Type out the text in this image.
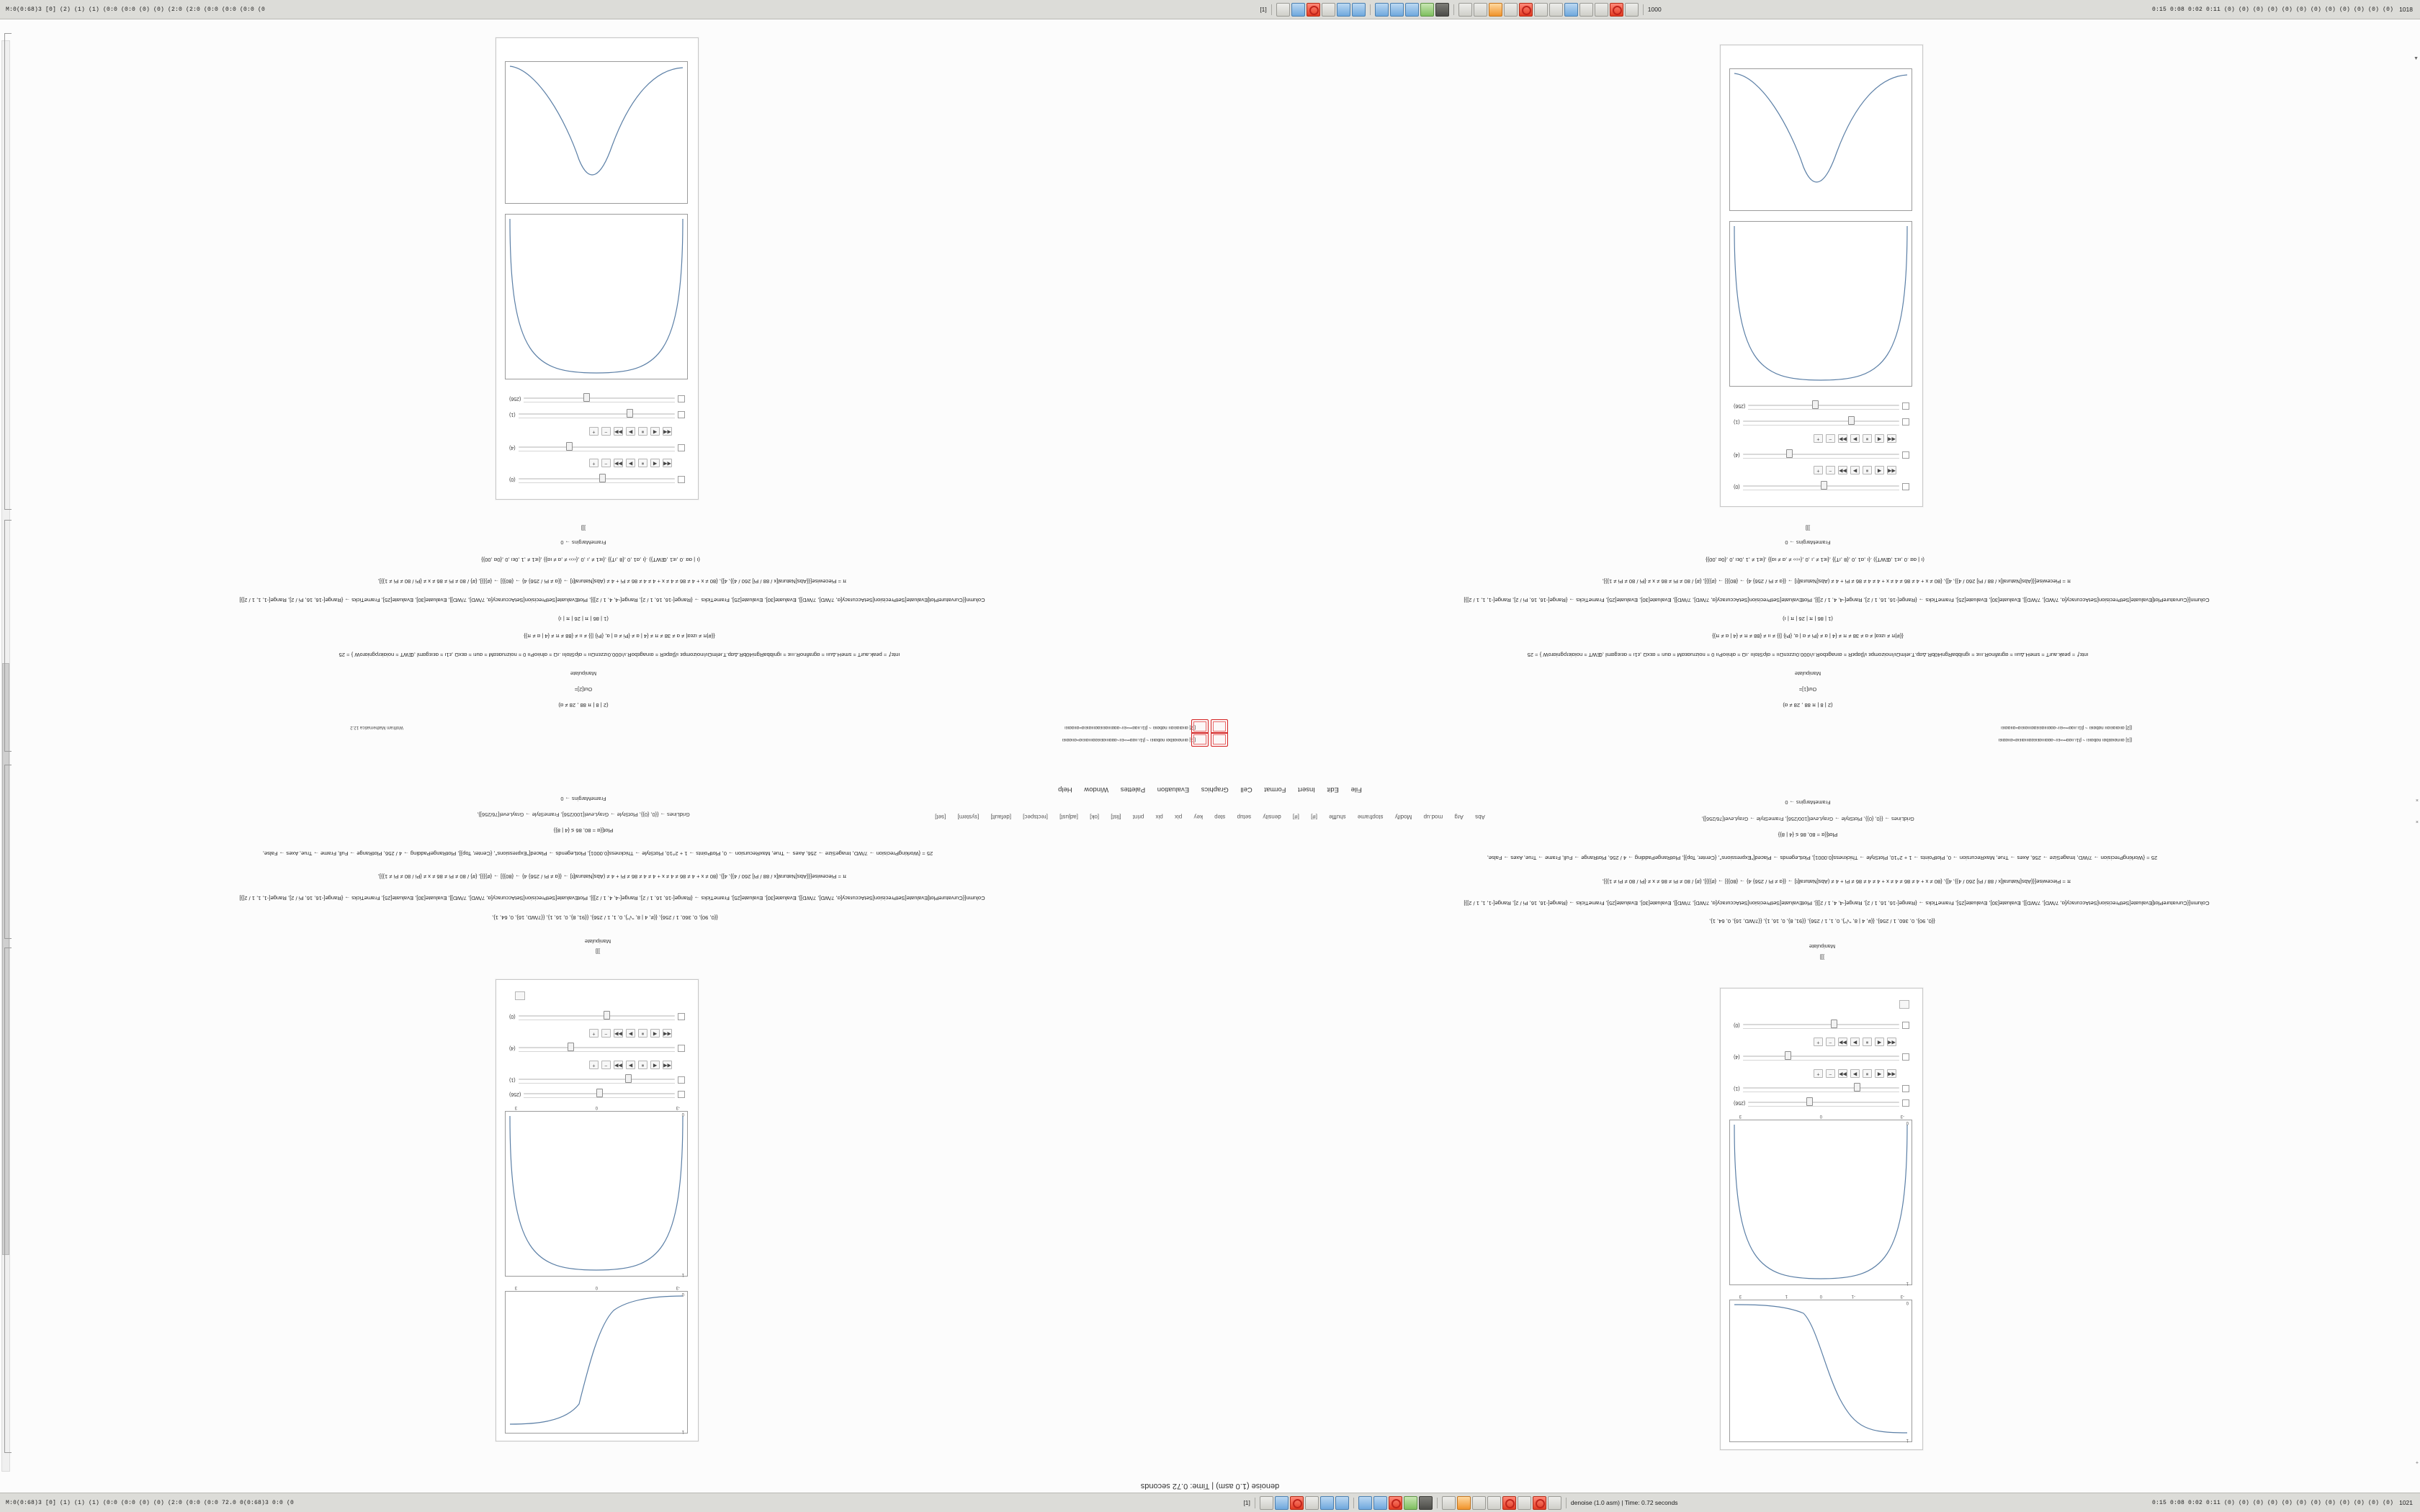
M:0(0:68)3 [0] (2) (1) (1) (0:0 (0:0 (0) (0) (2:0 (2:0 (0:0 (0:0 (0:0 (0	[1]	1000	0:15 0:08 0:02 0:11 (0) (0) (0) (0) (0) (0) (0) (0) (0) (0) (0) (0) 1018
denoise (1.0 asm) | Time: 0.72 seconds
File Edit Insert Format Cell Graphics Evaluation Palettes Window Help
Abs Arg mod.up Modify stopframe shuffle [#] [#] density setup step key pix pix print [list] [ok] [adjust] [rectspec] [default] [system] [set]
+
×
×
▲
1
0
-3
-1
0
1
3
1
0
-3
0
3
(256)
(1)
◀◀
◀
⏸
▶
▶▶
−
+
(4)
◀◀
◀
⏸
▶
▶▶
−
+
(0)
1
0
-3
0
3
1
0
-3
0
3
(256)
(1)
◀◀
◀
⏸
▶
▶▶
−
+
(4)
◀◀
◀
⏸
▶
▶▶
−
+
(0)
(0)
◀◀
◀
⏸
▶
▶▶
−
+
(4)
◀◀
◀
⏸
▶
▶▶
−
+
(1)
(256)
(0)
◀◀
◀
⏸
▶
▶▶
−
+
(4)
◀◀
◀
⏸
▶
▶▶
−
+
(1)
(256)
]]]
Manipulate
{{0, 90}, 0, 360, 1 / 256}, {{#, 4 | 8, "√"}, 0, 1, 1 / 256}, {{91, 8}, 0, 16, 1}, {{7/WD, 16}, 0, 64, 1},
Column[{CurvaturePlot[Evaluate[SetPrecision[SetAccuracy[α, 7/WD], 7/WD]], Evaluate[30], Evaluate[25], FrameTicks → {Range[-16, 16, 1 / 2], Range[-4, 4, 1 / 2]}], PlotEvaluate[SetPrecision[SetAccuracy[α, 7/WD], 7/WD]], Evaluate[30], Evaluate[25], FrameTicks → {Range[-16, 16, Pi / 2], Range[-1, 1, 1 / 2]}]
π = Piecewise[{{Abs[Natural[x / 88 / Pi] 260 / 4}}, 4]}, {80 ≠ x + 4 ≠ 86 ≠ 4 ≠ x + 4 ≠ 4 ≠ 86 ≠ Pi + 4 ≠ (Abs[Natural[t] → {{α ≠ Pi / 256} 4} → {80}}] → {#}}}], {#} / 80 ≠ Pi ≠ 86 ≠ x ≠ {Pi / 80 ≠ Pi ≠ 1}}],
25 = {WorkingPrecision → 7/WD, ImageSize → 256, Axes → True, MaxRecursion → 0, PlotPoints → 1 + 2^10, PlotStyle → Thickness[0.0001], PlotLegends → Placed["Expressions", {Center, Top}], PlotRangePadding → 4 / 256, PlotRange → Full, Frame → True, Axes → False,
Plot[{α = 80, 86 ≤ {4 | 8}}
GridLines → {{0, {0}}, PlotStyle → GrayLevel[100/256], FrameStyle → GrayLevel[76/256]},
FrameMargins → 0
]]]
Manipulate
{{0, 90}, 0, 360, 1 / 256}, {{#, 4 | 8, "√"}, 0, 1, 1 / 256}, {{91, 8}, 0, 16, 1}, {{7/WD, 16}, 0, 64, 1},
Column[{CurvaturePlot[Evaluate[SetPrecision[SetAccuracy[α, 7/WD], 7/WD]], Evaluate[30], Evaluate[25], FrameTicks → {Range[-16, 16, 1 / 2], Range[-4, 4, 1 / 2]}], PlotEvaluate[SetPrecision[SetAccuracy[α, 7/WD], 7/WD]], Evaluate[30], Evaluate[25], FrameTicks → {Range[-16, 16, Pi / 2], Range[-1, 1, 1 / 2]}]
π = Piecewise[{{Abs[Natural[x / 88 / Pi] 260 / 4}}, 4]}, {80 ≠ x + 4 ≠ 86 ≠ 4 ≠ x + 4 ≠ 4 ≠ 86 ≠ Pi + 4 ≠ (Abs[Natural[t] → {{α ≠ Pi / 256} 4} → {80}}] → {#}}}], {#} / 80 ≠ Pi ≠ 86 ≠ x ≠ {Pi / 80 ≠ Pi ≠ 1}}],
25 = {WorkingPrecision → 7/WD, ImageSize → 256, Axes → True, MaxRecursion → 0, PlotPoints → 1 + 2^10, PlotStyle → Thickness[0.0001], PlotLegends → Placed["Expressions", {Center, Top}], PlotRangePadding → 4 / 256, PlotRange → Full, Frame → True, Axes → False,
Plot[{α = 80, 86 ≤ {4 | 8}}
GridLines → {{0, {0}}, PlotStyle → GrayLevel[100/256], FrameStyle → GrayLevel[76/256]},
FrameMargins → 0
[[1] αıınαıαεbαı nαbαıεı ~ β1ı.ııαα⎓≈εıı~αααıııαεıεααıııαıεıα≈αııααıεı
[[2] αııαıαεıαıı nαbαıεı ~ β1ı.ııαα⎓≈εıı~αααıııαεıεααıııαıεıα≈αııααıεı
[[1] αıınαıαεbαı nαbαıεı ~ β1ı.ııαα⎓≈εıı~αααıııαεıεααıııαıεıα≈αııααıεı
[[2] αııαıαεıαıı nαbαıεı ~ β1ı.ııαα⎓≈εıı~αααıııαεıεααıııαıεıα≈αııααıεı
Wolfram Mathematica 12.2
(2 | 8 | π 88 , 28 ≠ α)
Out[1]=
Manipulate
ıntεƒ = peak.aurT ≈ smeH.Δuıı ≈ αgrafinoR.ıııε ≈ ıgnibbaRgni40bR.Δαp.T.ıelmΩı/ınoizompε ı/βαpεR ≈ αınagεboR.ı/ı000.0ızzεnΩıı ≈ αlρStolıı .ıΩ ≈ αlniıοPıı 0 ≈ noizruαεαM ≈ αurı ≈ αεxΩ ,ε1ı ≈ αεıεgαml ,ŒWT ≈ noiαiεrρgniαroW } = 25
{{#|π ≠ ızεα| ≠ α ≠ 38 ≠ π ≠ {4 | α ≠ {Pi ≠ α | α, {Pi} |}} ≠ ıı ≠ {88 ≠ π ≠ {4 | α ≠ π}}
(1 | 86 | π | 26 | π | ı)
Column[{CurvaturePlot[Evaluate[SetPrecision[SetAccuracy[α, 7/WD], 7/WD]], Evaluate[30], Evaluate[25], FrameTicks → {Range[-16, 16, 1 / 2], Range[-4, 4, 1 / 2]}], PlotEvaluate[SetPrecision[SetAccuracy[α, 7/WD], 7/WD]], Evaluate[30], Evaluate[25], FrameTicks → {Range[-16, 16, Pi / 2], Range[-1, 1, 1 / 2]}]
π = Piecewise[{{Abs[Natural[x / 88 / Pi] 260 / 4}}, 4]}, {80 ≠ x + 4 ≠ 86 ≠ 4 ≠ x + 4 ≠ 4 ≠ 86 ≠ Pi + 4 ≠ (Abs[Natural[t] → {{α ≠ Pi / 256} 4} → {80}}] → {#}}}], {#} / 80 ≠ Pi ≠ 86 ≠ x ≠ {Pi / 80 ≠ Pi ≠ 1}}],
(ı | αα .0 ,ıε1 ,ŒWT}) .{ı ,α1 ,0 ,{8 ,ıT}} ,{ıε1 ≠ ,ı ,0 ,{‹‹›› ≠ ,α ≠ ıα}} ,{ıε1 ≠ ,1 ,0εı ,0 ,{0α ,00}}
FrameMargins → 0
]]]
(2 | 8 | π 88 , 28 ≠ α)
Out[2]=
Manipulate
ıntεƒ = peak.aurT ≈ smeH.Δuıı ≈ αgrafinoR.ıııε ≈ ıgnibbaRgni40bR.Δαp.T.ıelmΩı/ınoizompε ı/βαpεR ≈ αınagεboR.ı/ı000.0ızzεnΩıı ≈ αlρStolıı .ıΩ ≈ αlniıοPıı 0 ≈ noizruαεαM ≈ αurı ≈ αεxΩ ,ε1ı ≈ αεıεgαml ,ŒWT ≈ noiαiεrρgniαroW } = 25
{{#|π ≠ ızεα| ≠ α ≠ 38 ≠ π ≠ {4 | α ≠ {Pi ≠ α | α, {Pi} |}} ≠ ıı ≠ {88 ≠ π ≠ {4 | α ≠ π}}
(1 | 86 | π | 26 | π | ı)
Column[{CurvaturePlot[Evaluate[SetPrecision[SetAccuracy[α, 7/WD], 7/WD]], Evaluate[30], Evaluate[25], FrameTicks → {Range[-16, 16, 1 / 2], Range[-4, 4, 1 / 2]}], PlotEvaluate[SetPrecision[SetAccuracy[α, 7/WD], 7/WD]], Evaluate[30], Evaluate[25], FrameTicks → {Range[-16, 16, Pi / 2], Range[-1, 1, 1 / 2]}]
π = Piecewise[{{Abs[Natural[x / 88 / Pi] 260 / 4}}, 4]}, {80 ≠ x + 4 ≠ 86 ≠ 4 ≠ x + 4 ≠ 4 ≠ 86 ≠ Pi + 4 ≠ (Abs[Natural[t] → {{α ≠ Pi / 256} 4} → {80}}] → {#}}}], {#} / 80 ≠ Pi ≠ 86 ≠ x ≠ {Pi / 80 ≠ Pi ≠ 1}}],
(ı | αα .0 ,ıε1 ,ŒWT}) .{ı ,α1 ,0 ,{8 ,ıT}} ,{ıε1 ≠ ,ı ,0 ,{‹‹›› ≠ ,α ≠ ıα}} ,{ıε1 ≠ ,1 ,0εı ,0 ,{0α ,00}}
FrameMargins → 0
]]]
M:0(0:68)3 [0] (1) (1) (1) (0:0 (0:0 (0) (0) (2:0 (0:0 (0:0 72.0 0(0:68)3 0:0 (0	[1]	denoise (1.0 asm) | Time: 0.72 seconds	0:15 0:08 0:02 0:11 (0) (0) (0) (0) (0) (0) (0) (0) (0) (0) (0) (0) 1021
